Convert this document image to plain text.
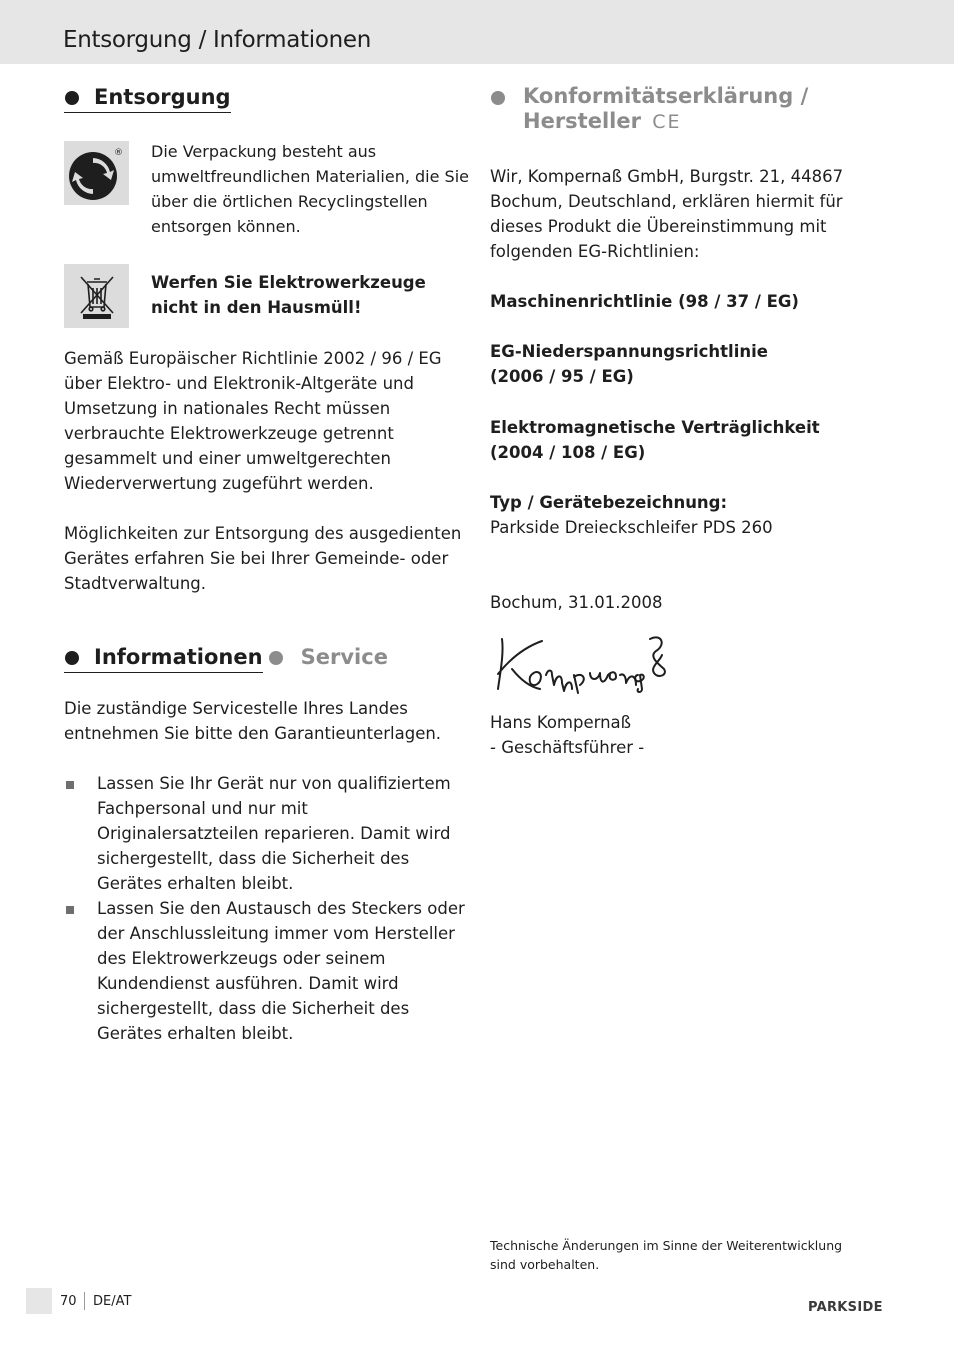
Entsorgung / Informationen
Entsorgung
® Die Verpackung besteht aus umweltfreundlichen Materialien, die Sie über die örtlichen Recyclingstellen entsorgen können.

Werfen Sie Elektrowerkzeuge nicht in den Hausmüll!

Gemäß Europäischer Richtlinie 2002 / 96 / EG über Elektro- und Elektronik-Altgeräte und Umsetzung in nationales Recht müssen verbrauchte Elektrowerkzeuge getrennt gesammelt und einer umweltgerechten Wiederverwertung zugeführt werden.

Möglichkeiten zur Entsorgung des ausgedienten Gerätes erfahren Sie bei Ihrer Gemeinde- oder Stadtverwaltung.

Informationen Service

Die zuständige Servicestelle Ihres Landes entnehmen Sie bitte den Garantieunterlagen.

Lassen Sie Ihr Gerät nur von qualifiziertem Fachpersonal und nur mit Originalersatzteilen reparieren. Damit wird sichergestellt, dass die Sicherheit des Gerätes erhalten bleibt.

Lassen Sie den Austausch des Steckers oder der Anschlussleitung immer vom Hersteller des Elektrowerkzeugs oder seinem Kundendienst ausführen. Damit wird sichergestellt, dass die Sicherheit des Gerätes erhalten bleibt.

Konformitätserklärung /
Hersteller CE

Wir, Kompernaß GmbH, Burgstr. 21, 44867 Bochum, Deutschland, erklären hiermit für dieses Produkt die Übereinstimmung mit folgenden EG-Richtlinien:

Maschinenrichtlinie (98 / 37 / EG)

EG-Niederspannungsrichtlinie
(2006 / 95 / EG)

Elektromagnetische Verträglichkeit
(2004 / 108 / EG)

Typ / Gerätebezeichnung:

Parkside Dreieckschleifer PDS 260

Bochum, 31.01.2008

Hans Kompernaß

- Geschäftsführer -

Technische Änderungen im Sinne der Weiterentwicklung sind vorbehalten.
70 DE/AT	PARKSIDE
